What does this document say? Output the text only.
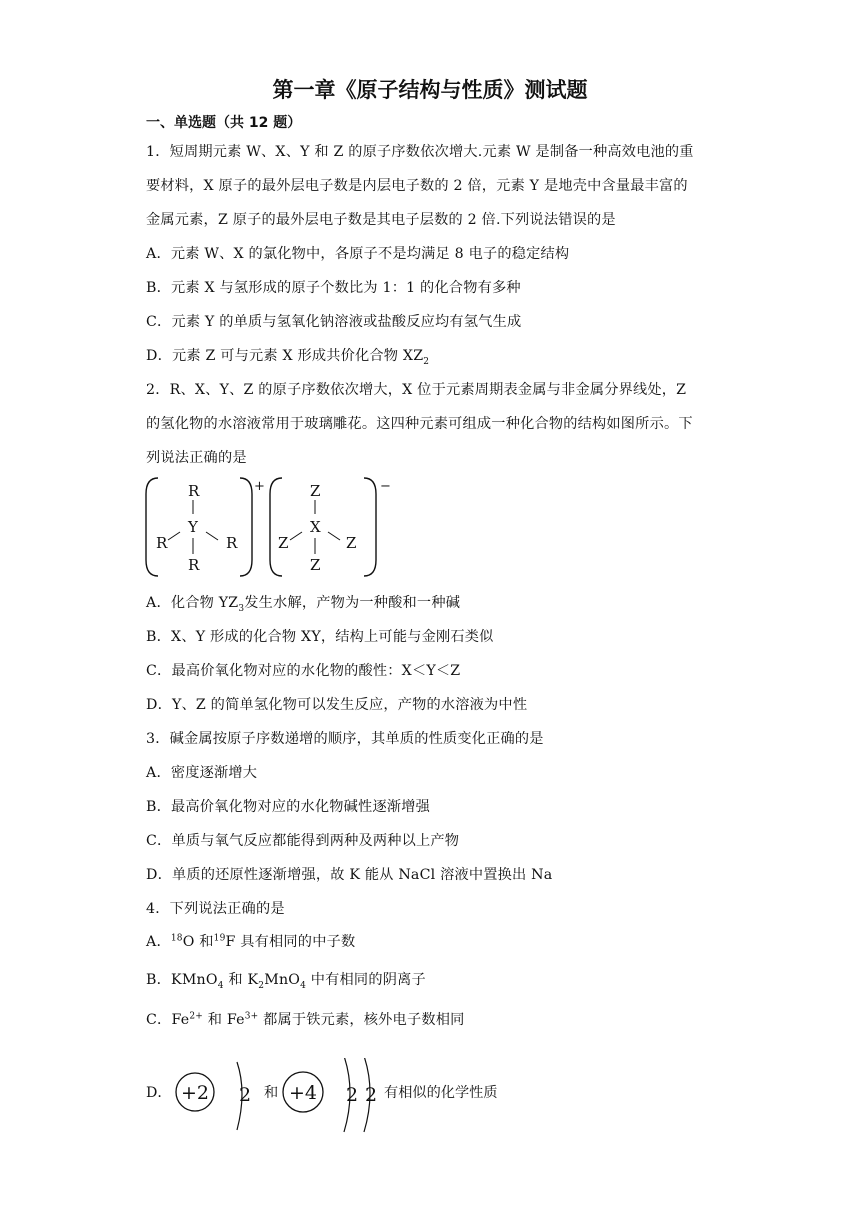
第一章《原子结构与性质》测试题
一、单选题（共 12 题）
1．短周期元素 W、X、Y 和 Z 的原子序数依次增大.元素 W 是制备一种高效电池的重
要材料，X 原子的最外层电子数是内层电子数的 2 倍，元素 Y 是地壳中含量最丰富的
金属元素，Z 原子的最外层电子数是其电子层数的 2 倍.下列说法错误的是
A．元素 W、X 的氯化物中，各原子不是均满足 8 电子的稳定结构
B．元素 X 与氢形成的原子个数比为 1：1 的化合物有多种
C．元素 Y 的单质与氢氧化钠溶液或盐酸反应均有氢气生成
D．元素 Z 可与元素 X 形成共价化合物 $XZ_2$
2．R、X、Y、Z 的原子序数依次增大，X 位于元素周期表金属与非金属分界线处，Z
的氢化物的水溶液常用于玻璃雕花。这四种元素可组成一种化合物的结构如图所示。下
列说法正确的是
+
R
Y
R	R
R
−
Z
X
Z	Z
Z
A．化合物 $YZ_3$发生水解，产物为一种酸和一种碱
B．X、Y 形成的化合物 XY，结构上可能与金刚石类似
C．最高价氧化物对应的水化物的酸性：X＜Y＜Z
D．Y、Z 的简单氢化物可以发生反应，产物的水溶液为中性
3．碱金属按原子序数递增的顺序，其单质的性质变化正确的是
A．密度逐渐增大
B．最高价氧化物对应的水化物碱性逐渐增强
C．单质与氧气反应都能得到两种及两种以上产物
D．单质的还原性逐渐增强，故 K 能从 NaCl 溶液中置换出 Na
4．下列说法正确的是
A．$^{18}$O 和$^{19}$F 具有相同的中子数
B．KMnO$_4$ 和 $K_2MnO_4$ 中有相同的阴离子
C．$Fe^{2+}$ 和 $Fe^{3+}$ 都属于铁元素，核外电子数相同
D． +2 2 和 +4 2 2 有相似的化学性质
